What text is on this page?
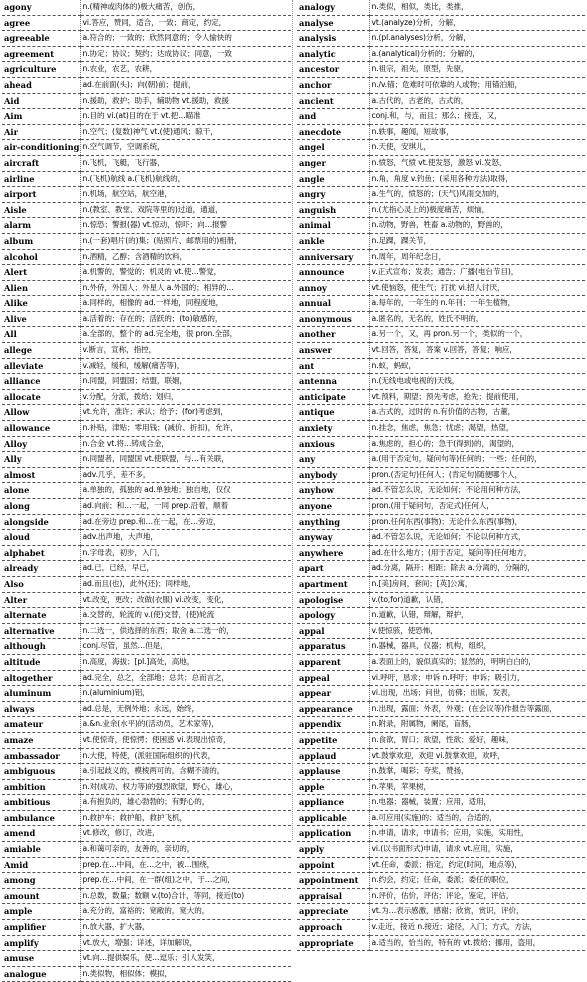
agony	n.(精神或肉体的)极大痛苦，创伤，
agree	vi.答应，赞同，适合，一致；商定，约定，
agreeable	a.符合的；一致的；欣然同意的；令人愉快的
agreement	n.协定；协议；契约；达成协议；同意，一致
agriculture	n.农业，农艺，农耕，
ahead	ad.在前面(头)；向(朝)前；提前，
Aid	n.援助，救护；助手，辅助物 vt.援助，救援
Aim	n.目的 vi.(at)目的在于 vt.把…瞄准
Air	n.空气；(复数)神气 vt.(使)通风；晾干，
air-conditioning	n.空气调节，空调系统，
aircraft	n.飞机，飞艇，飞行器，
airline	n.(飞机)航线 a.(飞机)航线的，
airport	n.机场，航空站，航空港，
Aisle	n.(教室、教堂、戏院等里的)过道，通道，
alarm	n.惊恐；警报(器) vt.惊动，惊吓；向…报警
album	n.(一套)唱片(的)集；(贴照片、邮票用的)相册，
alcohol	n.酒精，乙醇；含酒精的饮料，
Alert	a.机警的，警觉的；机灵的 vt.使…警觉，
Alien	n.外侨，外国人；外星人 a.外国的；相异的…
Alike	a.同样的，相像的 ad.一样地，同程度地，
Alive	a.活着的；存在的；活跃的；(to)敏感的，
All	a.全部的，整个的 ad.完全地，很 pron.全部，
allege	v.断言，宣称，指控，
alleviate	v.减轻，缓和，缓解(痛苦等)，
alliance	n.同盟，同盟国；结盟，联姻，
allocate	v.分配，分派，拨给；划归，
Allow	vt.允许，准许；承认；给予；(for)考虑到，
allowance	n.补贴，津贴；零用钱；(减价、折扣)，允许，
Alloy	n.合金 vt.将…铸成合金，
Ally	n.同盟者，同盟国 vt.使联盟，与…有关联，
almost	adv.几乎，差不多，
alone	a.单独的，孤独的 ad.单独地；独自地，仅仅
along	ad.向前；和…一起，一同 prep.沿着，顺着
alongside	ad.在旁边 prep.和…在一起，在…旁边，
aloud	adv.出声地，大声地，
alphabet	n.字母表，初步，入门，
already	ad.已，已经，早已，
Also	ad.而且(也)，此外(还)；同样地，
Alter	vt.改变，更改；改做(衣服) vi.改变，变化，
alternate	a.交替的，轮流的 v.(使)交替，(使)轮流
alternative	n.二选一，供选择的东西；取舍 a.二选一的，
although	conj.尽管，虽然…但是，
altitude	n.高度，海拔；[pl.]高处，高地，
altogether	ad.完全，总之，全部地；总共；总而言之，
aluminum	n.(aluminium)铝，
always	ad.总是，无例外地；永远，始终，
amateur	a.&n.业余(水平)的(活动员，艺术家等)，
amaze	vt.使惊奇，使惊愕；使困惑 vi.表现出惊奇，
ambassador	n.大使，特使，(派驻国际组织的)代表，
ambiguous	a.引起歧义的，模棱两可的，含糊不清的，
ambition	n.对(成功、权力等)的强烈欲望，野心，雄心，
ambitious	a.有抱负的，雄心勃勃的；有野心的，
ambulance	n.救护车；救护船，救护飞机，
amend	vt.修改，修订，改进，
amiable	a.和蔼可亲的，友善的，亲切的，
Amid	prep.在…中间，在…之中，被…围绕，
among	prep.在…中间，在一群(组)之中，于…之间，
amount	n.总数，数量；数额 v.(to)合计，等同，接近(to)
ample	a.充分的，富裕的；宽敞的，宽大的，
amplifier	n.放大器，扩大器，
amplify	vt.放大，增强；详述，详加解说，
amuse	vt.向…提供娱乐，使…逗乐；引人发笑，
analogue	n.类似物，相似体；模拟，
analogy	n.类似，相似，类比，类推，
analyse	vt.(analyze)分析，分解，
analysis	n.(pl.analyses)分析，分解，
analytic	a.(analytical)分析的；分解的，
ancestor	n.祖宗，祖先，原型，先驱，
anchor	n./v.锚；危难时可依靠的人或物；用锚泊船，
ancient	a.古代的，古老的，古式的，
and	conj.和，与，而且；那么；接连，又，
anecdote	n.轶事，趣闻，短故事，
angel	n.天使，安琪儿，
anger	n.愤怒，气愤 vt.使发怒，激怒 vi.发怒，
angle	n.角，角度 v.钓鱼；(采用各种方法)取得，
angry	a.生气的，愤怒的；(天气)风雨交加的，
anguish	n.(尤指心灵上的)极度痛苦，烦恼，
animal	n.动物，野兽，牲畜 a.动物的，野兽的，
ankle	n.足踝，踝关节，
anniversary	n.周年，周年纪念日，
announce	v.正式宣布；发表；通告；广播(电台节目)，
annoy	vt.使恼怒，使生气；打扰 vi.招人讨厌，
annual	a.每年的，一年生的 n.年刊；一年生植物，
anonymous	a.匿名的，无名的，姓氏不明的，
another	a.另一个，又，再 pron.另一个，类似的一个，
answer	vt.回答，答复，答案 v.回答，答复；响应，
ant	n.蚁，蚂蚁，
antenna	n.(无线电或电视的)天线，
anticipate	vt.预料，期望；预先考虑，抢先；提前使用，
antique	a.古式的，过时的 n.有价值的古物，古董，
anxiety	n.挂念，焦虑，焦急；忧虑；渴望，热望，
anxious	a.焦虑的，担心的；急于(得到)的，渴望的，
any	a.(用于否定句，疑问句等)任何的；一些；任何的，
anybody	pron.(否定句)任何人；(肯定句)随便哪个人，
anyhow	ad.不管怎么说，无论如何；不论用何种方法，
anyone	pron.(用于疑问句，否定式)任何人，
anything	pron.任何东西(事物)；无论什么东西(事物)，
anyway	ad.不管怎么说，无论如何；不论以何种方式，
anywhere	ad.在什么地方；(用于否定，疑问等)任何地方，
apart	ad.分离，隔开；相距；除去 a.分离的，分隔的，
apartment	n.[美]房间，套间；[英]公寓，
apologise	v.(to,for)道歉，认错，
apology	n.道歉，认错，辩解，辩护，
appal	v.使惊骇，使恐怖，
apparatus	n.器械，器具，仪器；机构，组织，
apparent	a.表面上的，貌似真实的；显然的，明明白白的，
appeal	vi.呼吁，恳求；申诉 n.呼吁；申诉；吸引力，
appear	vi.出现，出场；问世，仿佛；出版，发表，
appearance	n.出现，露面；外表，外观；(在会议等)作报告等露面，
appendix	n.附录，附属物，阑尾，盲肠，
appetite	n.食欲，胃口；欲望，性欲；爱好，趣味，
applaud	vt.鼓掌欢迎，欢迎 vi.鼓掌欢迎，欢呼，
applause	n.鼓掌，喝彩；夸奖，赞扬，
apple	n.苹果，苹果树，
appliance	n.电器；器械，装置；应用，适用，
applicable	a.可应用(实施)的；适当的，合适的，
application	n.申请，请求，申请书；应用，实施，实用性，
apply	vi.(以书面形式)申请，请求 vt.应用，实施，
appoint	vt.任命，委派；指定，约定(时间，地点等)，
appointment	n.约会，约定；任命，委派；委任的职位，
appraisal	n.评价，估价，评估；评论，鉴定，评估，
appreciate	vt.为…表示感激，感谢；欣赏，赏识，评价，
approach	v.走近，接近 n.接近；途径，入门；方式，方法，
appropriate	a.适当的，恰当的，特有的 vt.拨给；挪用，盗用，
